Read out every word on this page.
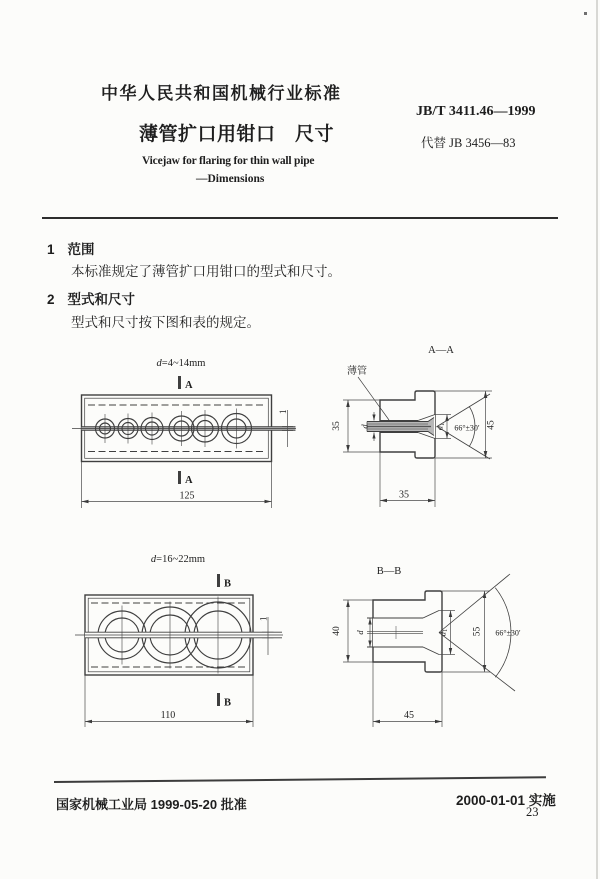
中华人民共和国机械行业标准
JB/T 3411.46—1999
薄管扩口用钳口　尺寸	代替 JB 3456—83
Vicejaw for flaring for thin wall pipe
—Dimensions
1 范围
本标准规定了薄管扩口用钳口的型式和尺寸。
2 型式和尺寸
型式和尺寸按下图和表的规定。
d=4~14mm
A
A
1
125
A—A
薄管
35 d	d1 66°±30′ 45
35
d=16~22mm
B
B
1
110
B—B
d
40	d1 55 66°±30′
45
国家机械工业局 1999-05-20 批准	2000-01-01 实施
23
